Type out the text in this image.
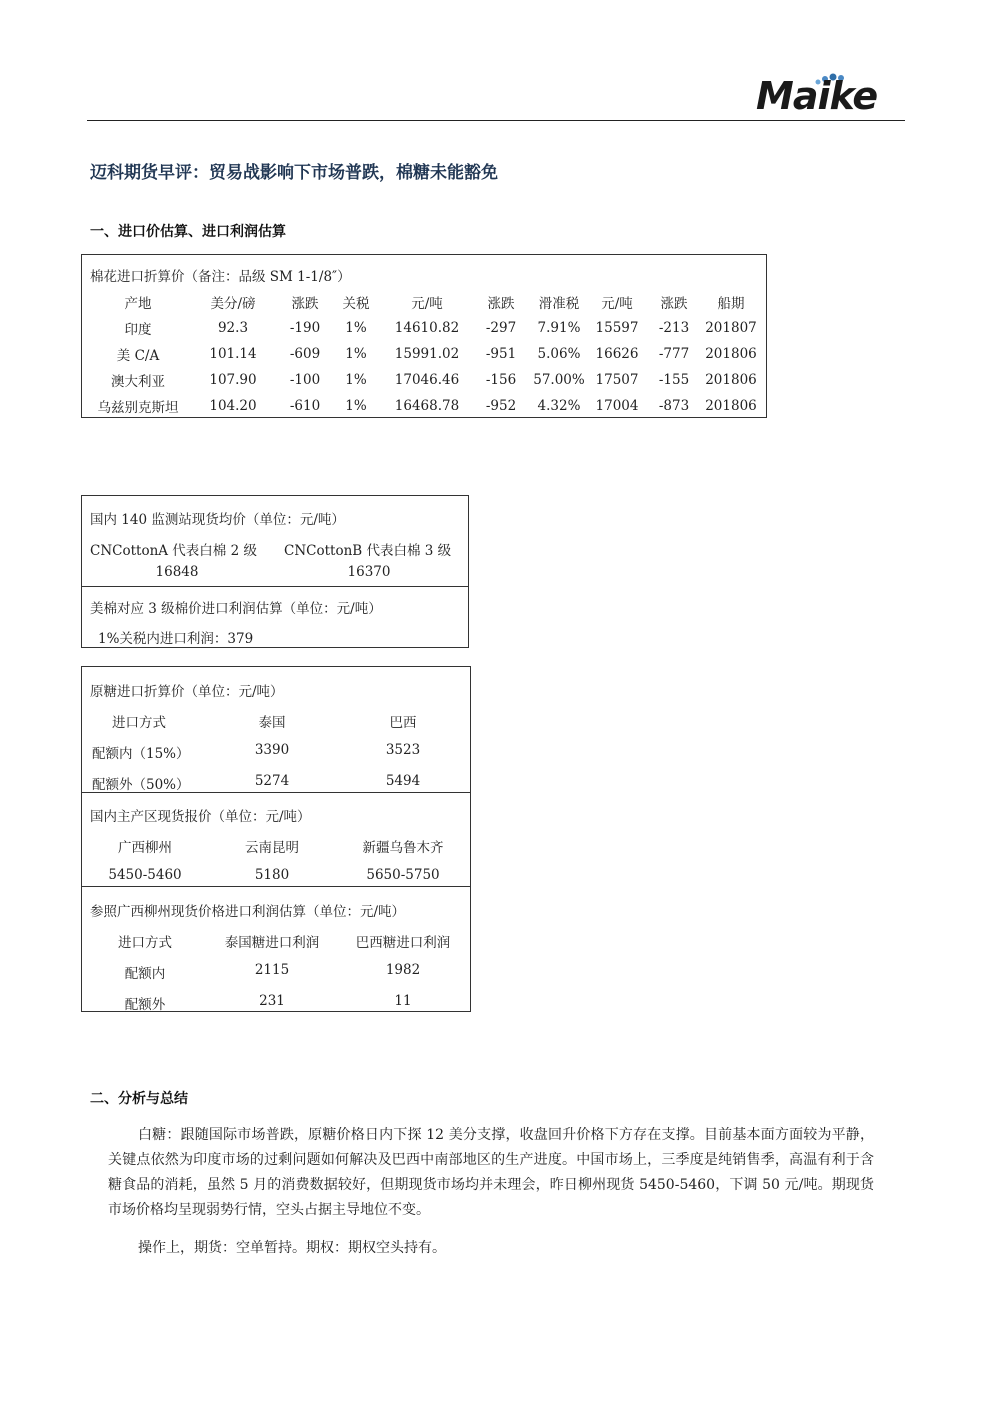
Maike
迈科期货早评：贸易战影响下市场普跌，棉糖未能豁免
一、进口价估算、进口利润估算
棉花进口折算价（备注：品级 SM 1-1/8″）
产地	美分/磅	涨跌	关税	元/吨	涨跌	滑准税	元/吨	涨跌	船期
印度	92.3	-190	1%	14610.82	-297	7.91%	15597	-213	201807
美 C/A	101.14	-609	1%	15991.02	-951	5.06%	16626	-777	201806
澳大利亚	107.90	-100	1%	17046.46	-156	57.00%	17507	-155	201806
乌兹别克斯坦	104.20	-610	1%	16468.78	-952	4.32%	17004	-873	201806
国内 140 监测站现货均价（单位：元/吨）
CNCottonA 代表白棉 2 级	CNCottonB 代表白棉 3 级
16848	16370
美棉对应 3 级棉价进口利润估算（单位：元/吨）
1%关税内进口利润：379
原糖进口折算价（单位：元/吨）
进口方式	泰国	巴西
配额内（15%）	3390	3523
配额外（50%）	5274	5494
国内主产区现货报价（单位：元/吨）
广西柳州	云南昆明	新疆乌鲁木齐
5450-5460	5180	5650-5750
参照广西柳州现货价格进口利润估算（单位：元/吨）
进口方式	泰国糖进口利润	巴西糖进口利润
配额内	2115	1982
配额外	231	11
二、分析与总结
白糖：跟随国际市场普跌，原糖价格日内下探 12 美分支撑，收盘回升价格下方存在支撑。目前基本面方面较为平静，关键点依然为印度市场的过剩问题如何解决及巴西中南部地区的生产进度。中国市场上，三季度是纯销售季，高温有利于含糖食品的消耗，虽然 5 月的消费数据较好，但期现货市场均并未理会，昨日柳州现货 5450-5460，下调 50 元/吨。期现货市场价格均呈现弱势行情，空头占据主导地位不变。
操作上，期货：空单暂持。期权：期权空头持有。
